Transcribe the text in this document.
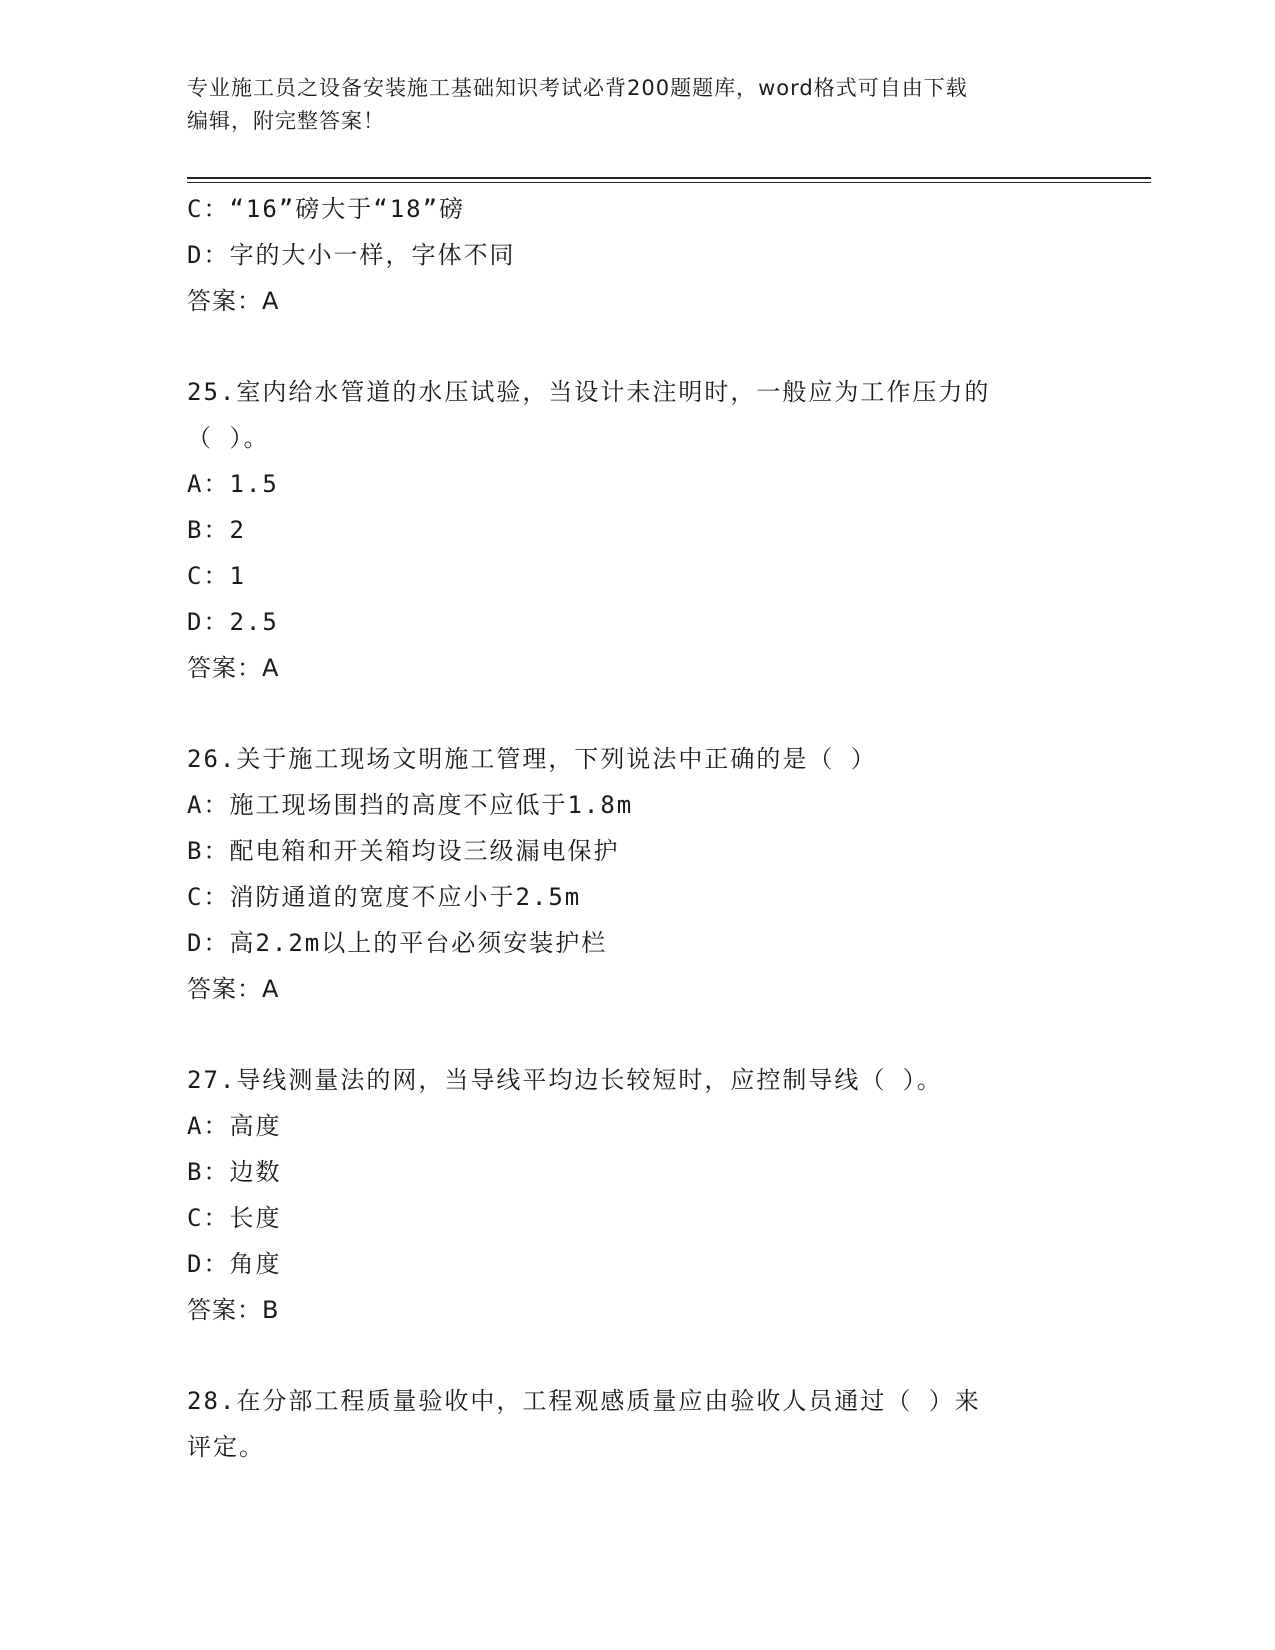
专业施工员之设备安装施工基础知识考试必背200题题库，word格式可自由下载
编辑，附完整答案！
C：“16”磅大于“18”磅
D：字的大小一样，字体不同
答案：A
25.室内给水管道的水压试验，当设计未注明时，一般应为工作压力的
（ ）。
A：1.5
B：2
C：1
D：2.5
答案：A
26.关于施工现场文明施工管理，下列说法中正确的是（ ）
A：施工现场围挡的高度不应低于1.8m
B：配电箱和开关箱均设三级漏电保护
C：消防通道的宽度不应小于2.5m
D：高2.2m以上的平台必须安装护栏
答案：A
27.导线测量法的网，当导线平均边长较短时，应控制导线（ ）。
A：高度
B：边数
C：长度
D：角度
答案：B
28.在分部工程质量验收中，工程观感质量应由验收人员通过（ ）来
评定。
